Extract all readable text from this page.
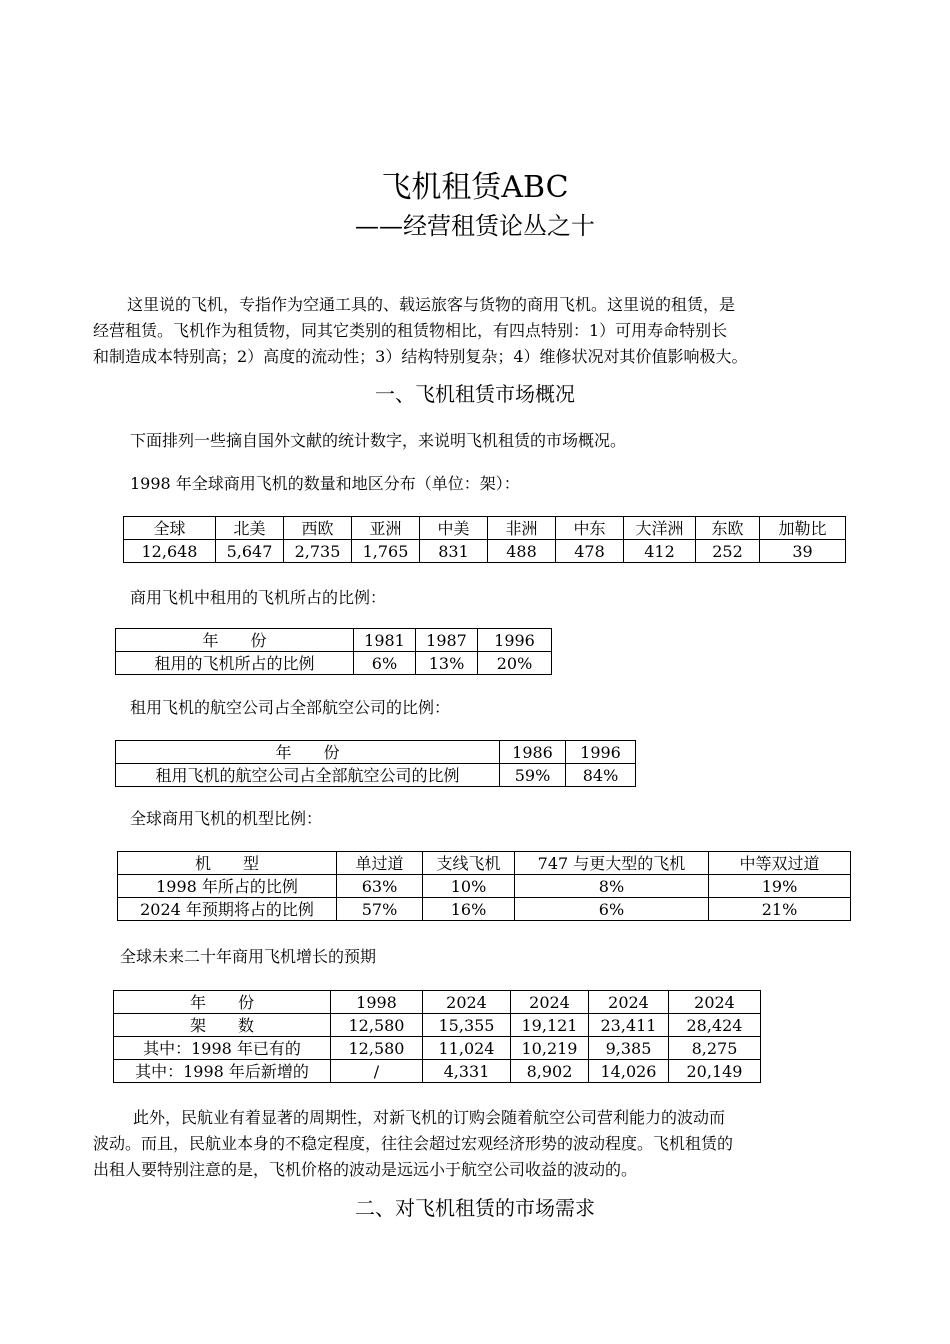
飞机租赁ABC
——经营租赁论丛之十
这里说的飞机，专指作为空通工具的、载运旅客与货物的商用飞机。这里说的租赁，是
经营租赁。飞机作为租赁物，同其它类别的租赁物相比，有四点特别：1）可用寿命特别长
和制造成本特别高；2）高度的流动性；3）结构特别复杂；4）维修状况对其价值影响极大。
一、飞机租赁市场概况
下面排列一些摘自国外文献的统计数字，来说明飞机租赁的市场概况。
1998 年全球商用飞机的数量和地区分布（单位：架）：
全球	北美	西欧	亚洲	中美	非洲	中东	大洋洲	东欧	加勒比
12,648	5,647	2,735	1,765	831	488	478	412	252	39
商用飞机中租用的飞机所占的比例：
年　　份	1981	1987	1996
租用的飞机所占的比例	6%	13%	20%
租用飞机的航空公司占全部航空公司的比例：
年　　份	1986	1996
租用飞机的航空公司占全部航空公司的比例	59%	84%
全球商用飞机的机型比例：
机　　型	单过道	支线飞机	747 与更大型的飞机	中等双过道
1998 年所占的比例	63%	10%	8%	19%
2024 年预期将占的比例	57%	16%	6%	21%
全球未来二十年商用飞机增长的预期
年　　份	1998	2024	2024	2024	2024
架　　数	12,580	15,355	19,121	23,411	28,424
其中：1998 年已有的	12,580	11,024	10,219	9,385	8,275
其中：1998 年后新增的	/	4,331	8,902	14,026	20,149
此外，民航业有着显著的周期性，对新飞机的订购会随着航空公司营利能力的波动而
波动。而且，民航业本身的不稳定程度，往往会超过宏观经济形势的波动程度。飞机租赁的
出租人要特别注意的是，飞机价格的波动是远远小于航空公司收益的波动的。
二、对飞机租赁的市场需求
